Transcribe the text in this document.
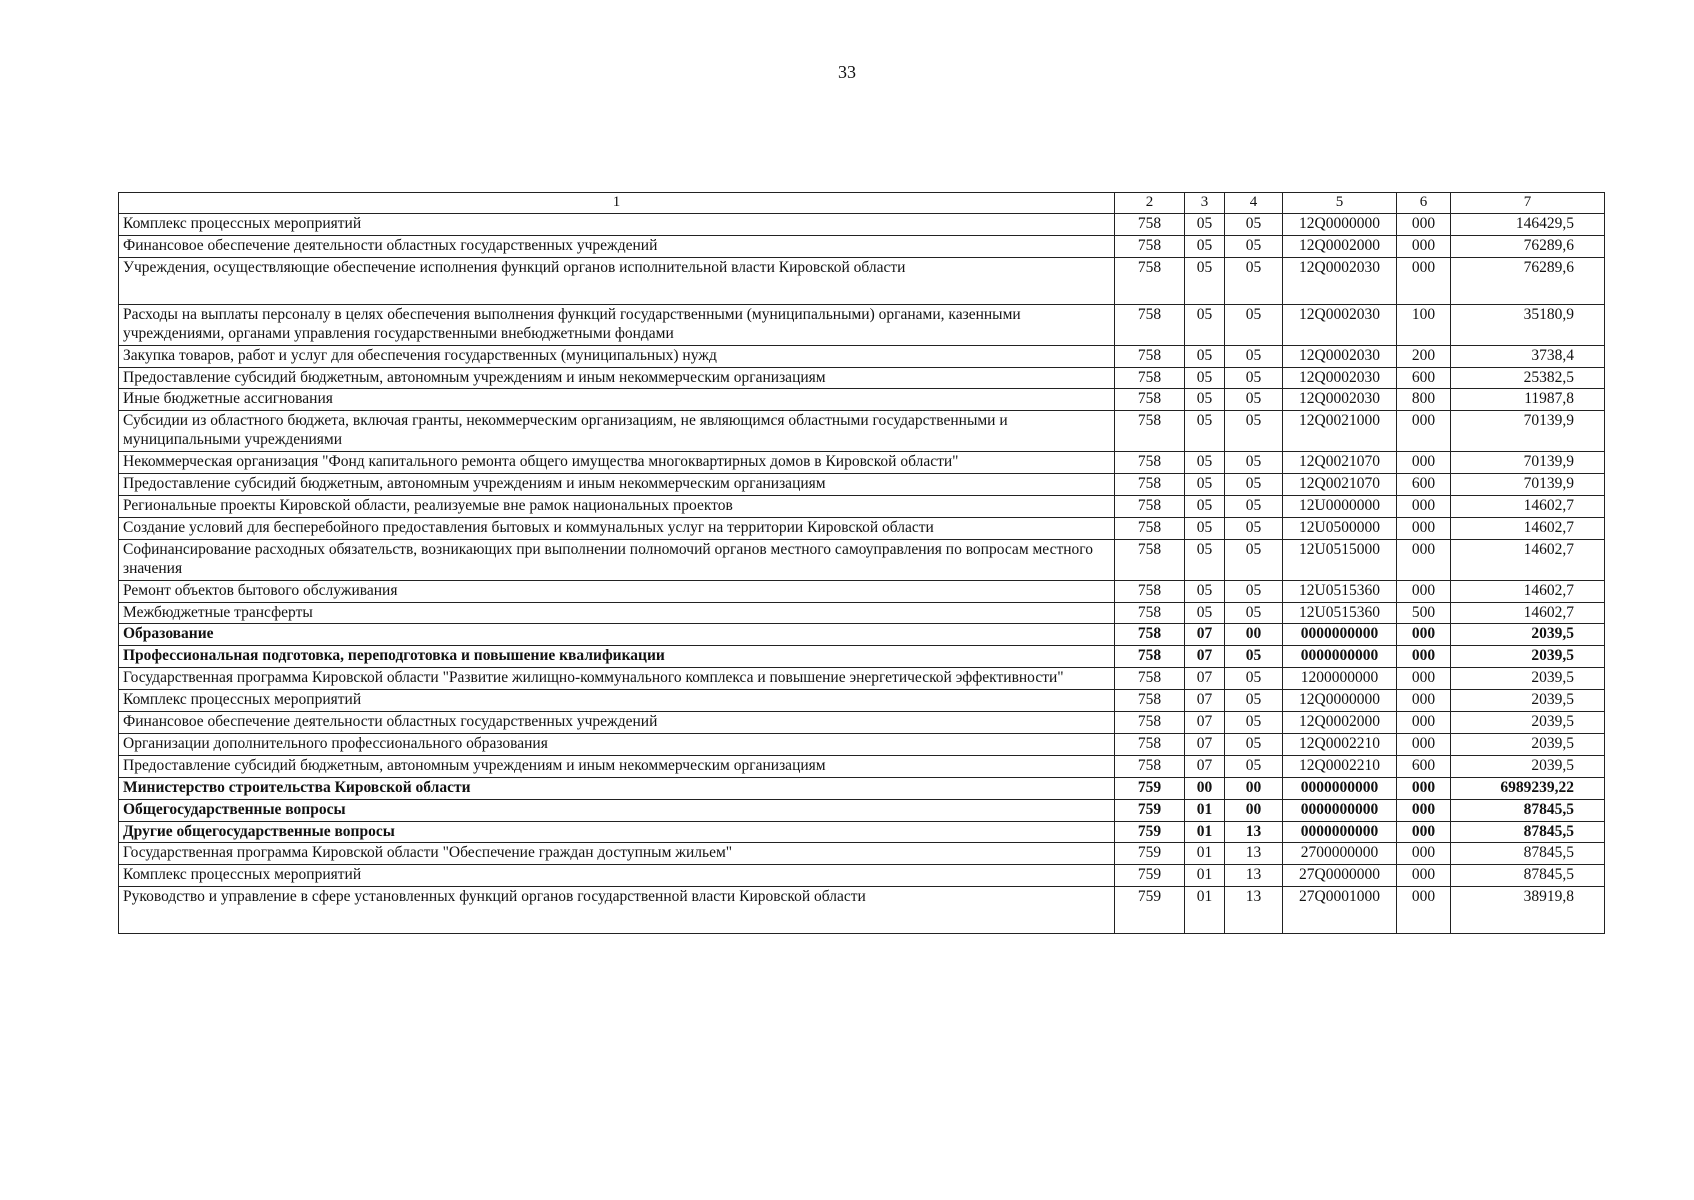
33
1	2	3	4	5	6	7
Комплекс процессных мероприятий	758	05	05	12Q0000000	000	146429,5
Финансовое обеспечение деятельности областных государственных учреждений	758	05	05	12Q0002000	000	76289,6
Учреждения, осуществляющие обеспечение исполнения функций органов исполнительной власти Кировской области	758	05	05	12Q0002030	000	76289,6
Расходы на выплаты персоналу в целях обеспечения выполнения функций государственными (муниципальными) органами, казенными учреждениями, органами управления государственными внебюджетными фондами	758	05	05	12Q0002030	100	35180,9
Закупка товаров, работ и услуг для обеспечения государственных (муниципальных) нужд	758	05	05	12Q0002030	200	3738,4
Предоставление субсидий бюджетным, автономным учреждениям и иным некоммерческим организациям	758	05	05	12Q0002030	600	25382,5
Иные бюджетные ассигнования	758	05	05	12Q0002030	800	11987,8
Субсидии из областного бюджета, включая гранты, некоммерческим организациям, не являющимся областными государственными и муниципальными учреждениями	758	05	05	12Q0021000	000	70139,9
Некоммерческая организация "Фонд капитального ремонта общего имущества многоквартирных домов в Кировской области"	758	05	05	12Q0021070	000	70139,9
Предоставление субсидий бюджетным, автономным учреждениям и иным некоммерческим организациям	758	05	05	12Q0021070	600	70139,9
Региональные проекты Кировской области, реализуемые вне рамок национальных проектов	758	05	05	12U0000000	000	14602,7
Создание условий для бесперебойного предоставления бытовых и коммунальных услуг на территории Кировской области	758	05	05	12U0500000	000	14602,7
Софинансирование расходных обязательств, возникающих при выполнении полномочий органов местного самоуправления по вопросам местного значения	758	05	05	12U0515000	000	14602,7
Ремонт объектов бытового обслуживания	758	05	05	12U0515360	000	14602,7
Межбюджетные трансферты	758	05	05	12U0515360	500	14602,7
Образование	758	07	00	0000000000	000	2039,5
Профессиональная подготовка, переподготовка и повышение квалификации	758	07	05	0000000000	000	2039,5
Государственная программа Кировской области "Развитие жилищно-коммунального комплекса и повышение энергетической эффективности"	758	07	05	1200000000	000	2039,5
Комплекс процессных мероприятий	758	07	05	12Q0000000	000	2039,5
Финансовое обеспечение деятельности областных государственных учреждений	758	07	05	12Q0002000	000	2039,5
Организации дополнительного профессионального образования	758	07	05	12Q0002210	000	2039,5
Предоставление субсидий бюджетным, автономным учреждениям и иным некоммерческим организациям	758	07	05	12Q0002210	600	2039,5
Министерство строительства Кировской области	759	00	00	0000000000	000	6989239,22
Общегосударственные вопросы	759	01	00	0000000000	000	87845,5
Другие общегосударственные вопросы	759	01	13	0000000000	000	87845,5
Государственная программа Кировской области "Обеспечение граждан доступным жильем"	759	01	13	2700000000	000	87845,5
Комплекс процессных мероприятий	759	01	13	27Q0000000	000	87845,5
Руководство и управление в сфере установленных функций органов государственной власти Кировской области	759	01	13	27Q0001000	000	38919,8
